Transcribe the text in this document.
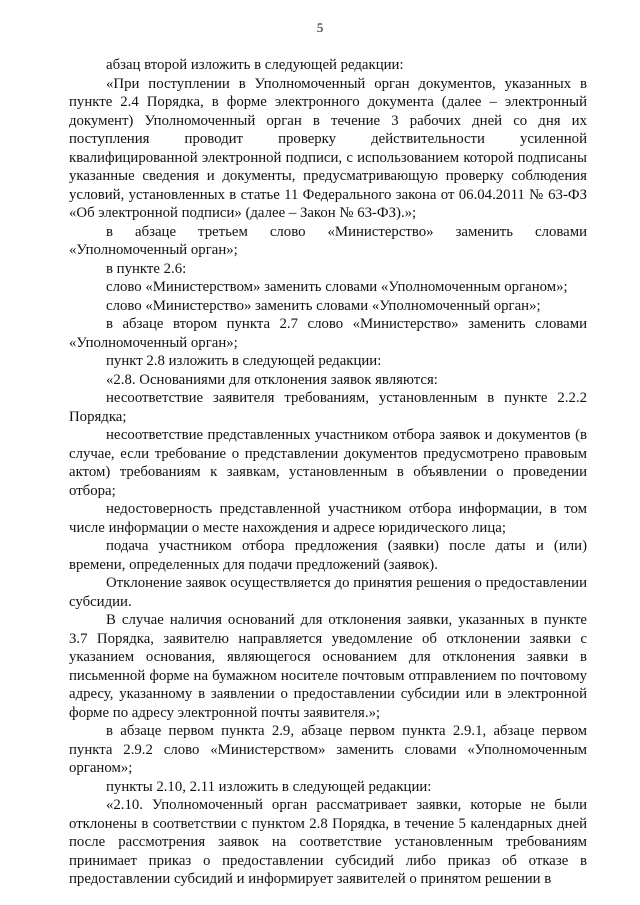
5

абзац второй изложить в следующей редакции:

«При поступлении в Уполномоченный орган документов, указанных в пункте 2.4 Порядка, в форме электронного документа (далее – электронный документ) Уполномоченный орган в течение 3 рабочих дней со дня их поступления проводит проверку действительности усиленной квалифицированной электронной подписи, с использованием которой подписаны указанные сведения и документы, предусматривающую проверку соблюдения условий, установленных в статье 11 Федерального закона от 06.04.2011 № 63-ФЗ «Об электронной подписи» (далее – Закон № 63-ФЗ).»;

в абзаце третьем слово «Министерство» заменить словами «Уполномоченный орган»;

в пункте 2.6:

слово «Министерством» заменить словами «Уполномоченным органом»;

слово «Министерство» заменить словами «Уполномоченный орган»;

в абзаце втором пункта 2.7 слово «Министерство» заменить словами «Уполномоченный орган»;

пункт 2.8 изложить в следующей редакции:

«2.8. Основаниями для отклонения заявок являются:

несоответствие заявителя требованиям, установленным в пункте 2.2.2 Порядка;

несоответствие представленных участником отбора заявок и документов (в случае, если требование о представлении документов предусмотрено правовым актом) требованиям к заявкам, установленным в объявлении о проведении отбора;

недостоверность представленной участником отбора информации, в том числе информации о месте нахождения и адресе юридического лица;

подача участником отбора предложения (заявки) после даты и (или) времени, определенных для подачи предложений (заявок).

Отклонение заявок осуществляется до принятия решения о предоставлении субсидии.

В случае наличия оснований для отклонения заявки, указанных в пункте 3.7 Порядка, заявителю направляется уведомление об отклонении заявки с указанием основания, являющегося основанием для отклонения заявки в письменной форме на бумажном носителе почтовым отправлением по почтовому адресу, указанному в заявлении о предоставлении субсидии или в электронной форме по адресу электронной почты заявителя.»;

в абзаце первом пункта 2.9, абзаце первом пункта 2.9.1, абзаце первом пункта 2.9.2 слово «Министерством» заменить словами «Уполномоченным органом»;

пункты 2.10, 2.11 изложить в следующей редакции:

«2.10. Уполномоченный орган рассматривает заявки, которые не были отклонены в соответствии с пунктом 2.8 Порядка, в течение 5 календарных дней после рассмотрения заявок на соответствие установленным требованиям принимает приказ о предоставлении субсидий либо приказ об отказе в предоставлении субсидий и информирует заявителей о принятом решении в
